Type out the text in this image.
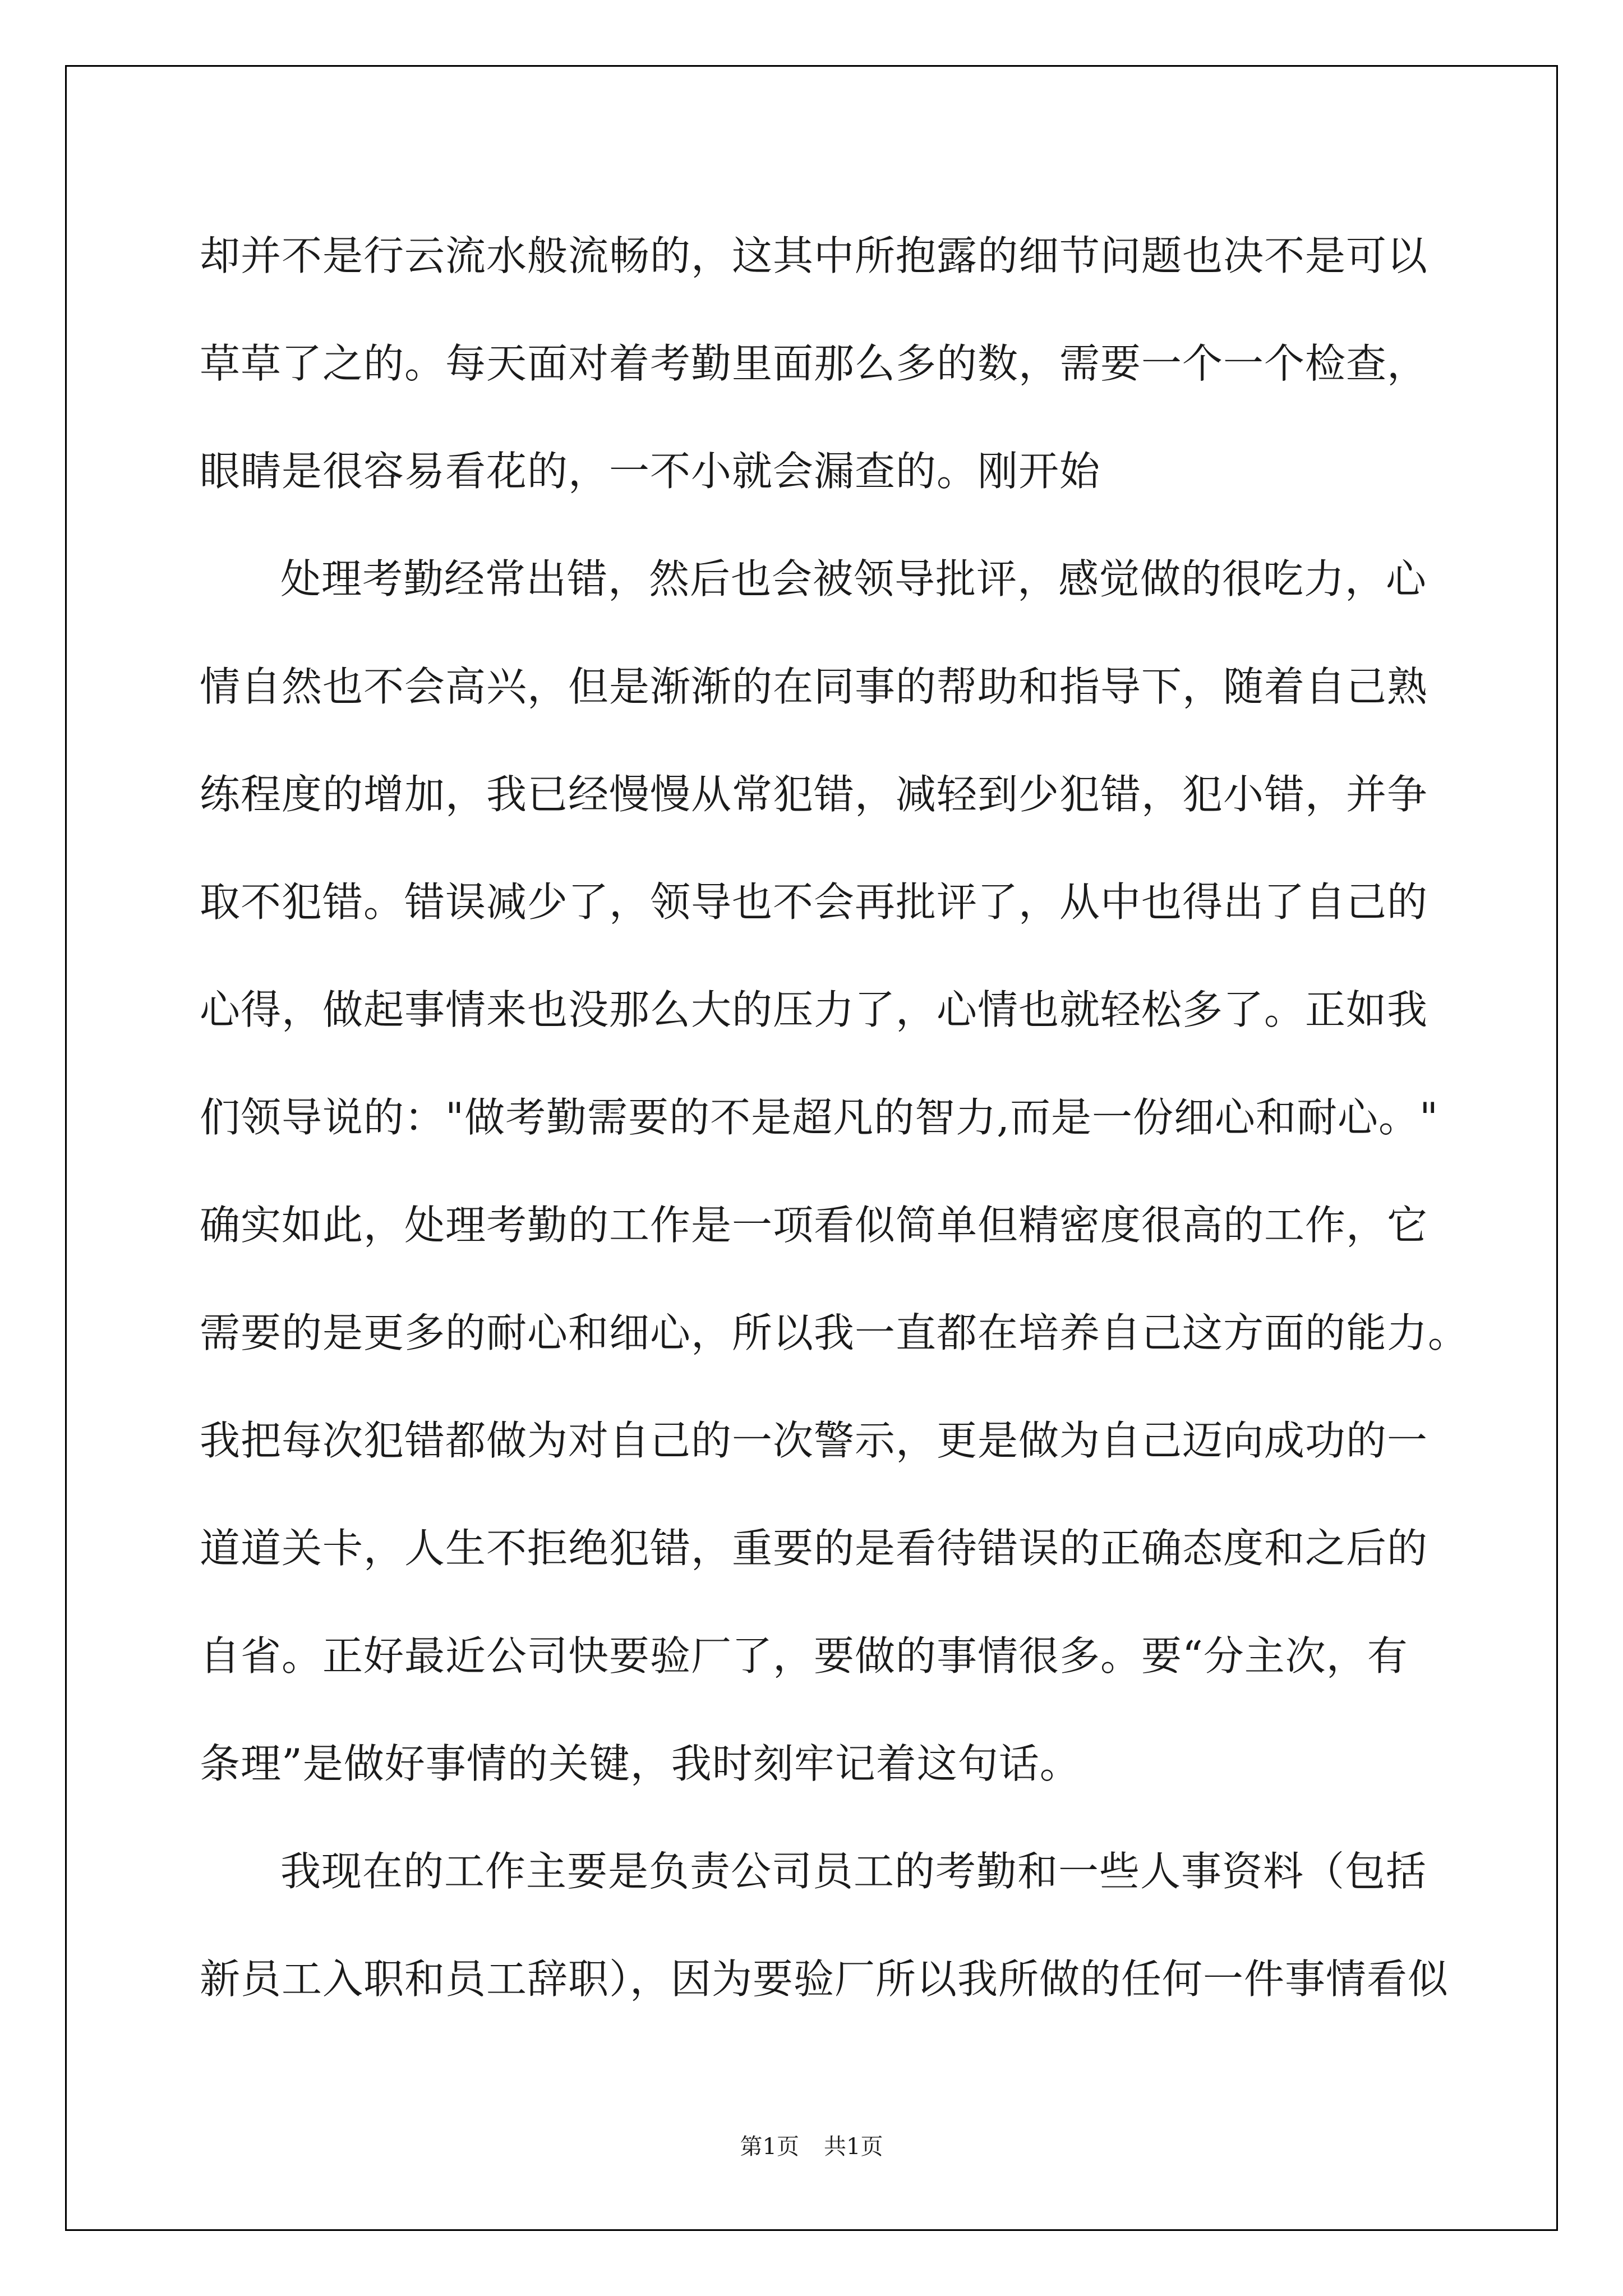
却并不是行云流水般流畅的，这其中所抱露的细节问题也决不是可以
草草了之的。每天面对着考勤里面那么多的数，需要一个一个检查，
眼睛是很容易看花的，一不小就会漏查的。刚开始
处理考勤经常出错，然后也会被领导批评，感觉做的很吃力，心
情自然也不会高兴，但是渐渐的在同事的帮助和指导下，随着自己熟
练程度的增加，我已经慢慢从常犯错，减轻到少犯错，犯小错，并争
取不犯错。错误减少了，领导也不会再批评了，从中也得出了自己的
心得，做起事情来也没那么大的压力了，心情也就轻松多了。正如我
们领导说的："做考勤需要的不是超凡的智力,而是一份细心和耐心。"
确实如此，处理考勤的工作是一项看似简单但精密度很高的工作，它
需要的是更多的耐心和细心，所以我一直都在培养自己这方面的能力。
我把每次犯错都做为对自己的一次警示，更是做为自己迈向成功的一
道道关卡，人生不拒绝犯错，重要的是看待错误的正确态度和之后的
自省。正好最近公司快要验厂了，要做的事情很多。要“分主次，有
条理”是做好事情的关键，我时刻牢记着这句话。
我现在的工作主要是负责公司员工的考勤和一些人事资料（包括
新员工入职和员工辞职），因为要验厂所以我所做的任何一件事情看似
第1页 共1页
